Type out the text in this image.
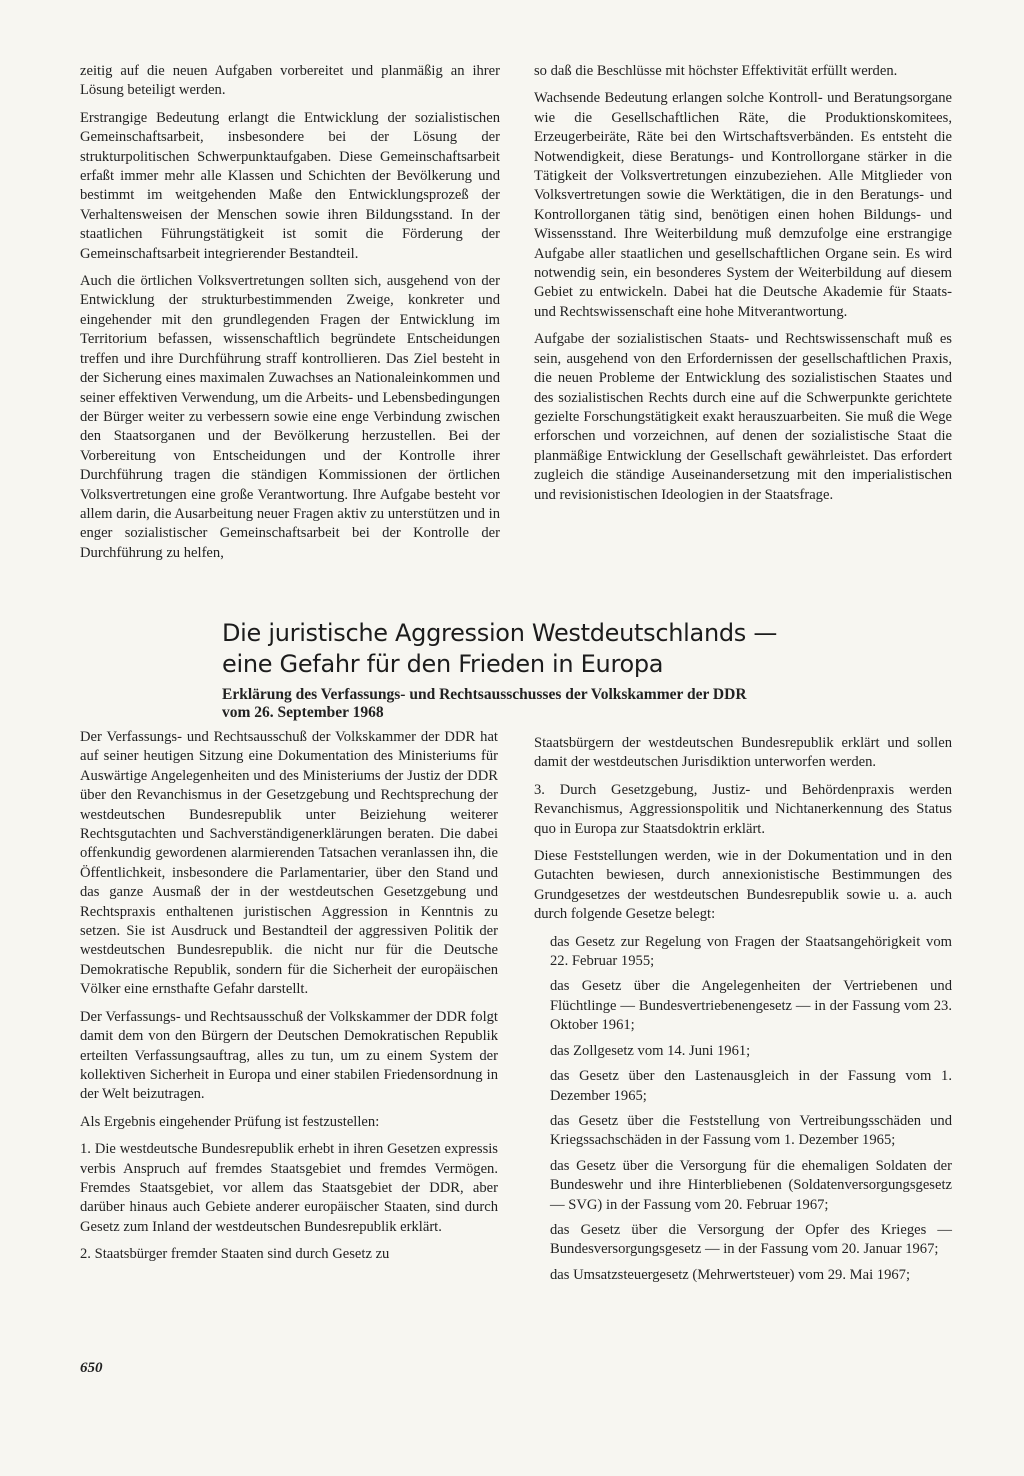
zeitig auf die neuen Aufgaben vorbereitet und planmäßig an ihrer Lösung beteiligt werden.

Erstrangige Bedeutung erlangt die Entwicklung der sozialistischen Gemeinschaftsarbeit, insbesondere bei der Lösung der strukturpolitischen Schwerpunktaufgaben. Diese Gemeinschaftsarbeit erfaßt immer mehr alle Klassen und Schichten der Bevölkerung und bestimmt im weitgehenden Maße den Entwicklungsprozeß der Verhaltensweisen der Menschen sowie ihren Bildungsstand. In der staatlichen Führungstätigkeit ist somit die Förderung der Gemeinschaftsarbeit integrierender Bestandteil.

Auch die örtlichen Volksvertretungen sollten sich, ausgehend von der Entwicklung der strukturbestimmenden Zweige, konkreter und eingehender mit den grundlegenden Fragen der Entwicklung im Territorium befassen, wissenschaftlich begründete Entscheidungen treffen und ihre Durchführung straff kontrollieren. Das Ziel besteht in der Sicherung eines maximalen Zuwachses an Nationaleinkommen und seiner effektiven Verwendung, um die Arbeits- und Lebensbedingungen der Bürger weiter zu verbessern sowie eine enge Verbindung zwischen den Staatsorganen und der Bevölkerung herzustellen. Bei der Vorbereitung von Entscheidungen und der Kontrolle ihrer Durchführung tragen die ständigen Kommissionen der örtlichen Volksvertretungen eine große Verantwortung. Ihre Aufgabe besteht vor allem darin, die Ausarbeitung neuer Fragen aktiv zu unterstützen und in enger sozialistischer Gemeinschaftsarbeit bei der Kontrolle der Durchführung zu helfen,

so daß die Beschlüsse mit höchster Effektivität erfüllt werden.

Wachsende Bedeutung erlangen solche Kontroll- und Beratungsorgane wie die Gesellschaftlichen Räte, die Produktionskomitees, Erzeugerbeiräte, Räte bei den Wirtschaftsverbänden. Es entsteht die Notwendigkeit, diese Beratungs- und Kontrollorgane stärker in die Tätigkeit der Volksvertretungen einzubeziehen. Alle Mitglieder von Volksvertretungen sowie die Werktätigen, die in den Beratungs- und Kontrollorganen tätig sind, benötigen einen hohen Bildungs- und Wissensstand. Ihre Weiterbildung muß demzufolge eine erstrangige Aufgabe aller staatlichen und gesellschaftlichen Organe sein. Es wird notwendig sein, ein besonderes System der Weiterbildung auf diesem Gebiet zu entwickeln. Dabei hat die Deutsche Akademie für Staats- und Rechtswissenschaft eine hohe Mitverantwortung.

Aufgabe der sozialistischen Staats- und Rechtswissenschaft muß es sein, ausgehend von den Erfordernissen der gesellschaftlichen Praxis, die neuen Probleme der Entwicklung des sozialistischen Staates und des sozialistischen Rechts durch eine auf die Schwerpunkte gerichtete gezielte Forschungstätigkeit exakt herauszuarbeiten. Sie muß die Wege erforschen und vorzeichnen, auf denen der sozialistische Staat die planmäßige Entwicklung der Gesellschaft gewährleistet. Das erfordert zugleich die ständige Auseinandersetzung mit den imperialistischen und revisionistischen Ideologien in der Staatsfrage.

Die juristische Aggression Westdeutschlands —
eine Gefahr für den Frieden in Europa
Erklärung des Verfassungs- und Rechtsausschusses der Volkskammer der DDR
vom 26. September 1968

Der Verfassungs- und Rechtsausschuß der Volkskammer der DDR hat auf seiner heutigen Sitzung eine Dokumentation des Ministeriums für Auswärtige Angelegenheiten und des Ministeriums der Justiz der DDR über den Revanchismus in der Gesetzgebung und Rechtsprechung der westdeutschen Bundesrepublik unter Beiziehung weiterer Rechtsgutachten und Sachverständigenerklärungen beraten. Die dabei offenkundig gewordenen alarmierenden Tatsachen veranlassen ihn, die Öffentlichkeit, insbesondere die Parlamentarier, über den Stand und das ganze Ausmaß der in der westdeutschen Gesetzgebung und Rechtspraxis enthaltenen juristischen Aggression in Kenntnis zu setzen. Sie ist Ausdruck und Bestandteil der aggressiven Politik der westdeutschen Bundesrepublik. die nicht nur für die Deutsche Demokratische Republik, sondern für die Sicherheit der europäischen Völker eine ernsthafte Gefahr darstellt.

Der Verfassungs- und Rechtsausschuß der Volkskammer der DDR folgt damit dem von den Bürgern der Deutschen Demokratischen Republik erteilten Verfassungsauftrag, alles zu tun, um zu einem System der kollektiven Sicherheit in Europa und einer stabilen Friedensordnung in der Welt beizutragen.

Als Ergebnis eingehender Prüfung ist festzustellen:

1. Die westdeutsche Bundesrepublik erhebt in ihren Gesetzen expressis verbis Anspruch auf fremdes Staatsgebiet und fremdes Vermögen. Fremdes Staatsgebiet, vor allem das Staatsgebiet der DDR, aber darüber hinaus auch Gebiete anderer europäischer Staaten, sind durch Gesetz zum Inland der westdeutschen Bundesrepublik erklärt.

2. Staatsbürger fremder Staaten sind durch Gesetz zu

Staatsbürgern der westdeutschen Bundesrepublik erklärt und sollen damit der westdeutschen Jurisdiktion unterworfen werden.

3. Durch Gesetzgebung, Justiz- und Behördenpraxis werden Revanchismus, Aggressionspolitik und Nichtanerkennung des Status quo in Europa zur Staatsdoktrin erklärt.

Diese Feststellungen werden, wie in der Dokumentation und in den Gutachten bewiesen, durch annexionistische Bestimmungen des Grundgesetzes der westdeutschen Bundesrepublik sowie u. a. auch durch folgende Gesetze belegt:

das Gesetz zur Regelung von Fragen der Staatsangehörigkeit vom 22. Februar 1955;

das Gesetz über die Angelegenheiten der Vertriebenen und Flüchtlinge — Bundesvertriebenengesetz — in der Fassung vom 23. Oktober 1961;

das Zollgesetz vom 14. Juni 1961;

das Gesetz über den Lastenausgleich in der Fassung vom 1. Dezember 1965;

das Gesetz über die Feststellung von Vertreibungsschäden und Kriegssachschäden in der Fassung vom 1. Dezember 1965;

das Gesetz über die Versorgung für die ehemaligen Soldaten der Bundeswehr und ihre Hinterbliebenen (Soldatenversorgungsgesetz — SVG) in der Fassung vom 20. Februar 1967;

das Gesetz über die Versorgung der Opfer des Krieges — Bundesversorgungsgesetz — in der Fassung vom 20. Januar 1967;

das Umsatzsteuergesetz (Mehrwertsteuer) vom 29. Mai 1967;

650
